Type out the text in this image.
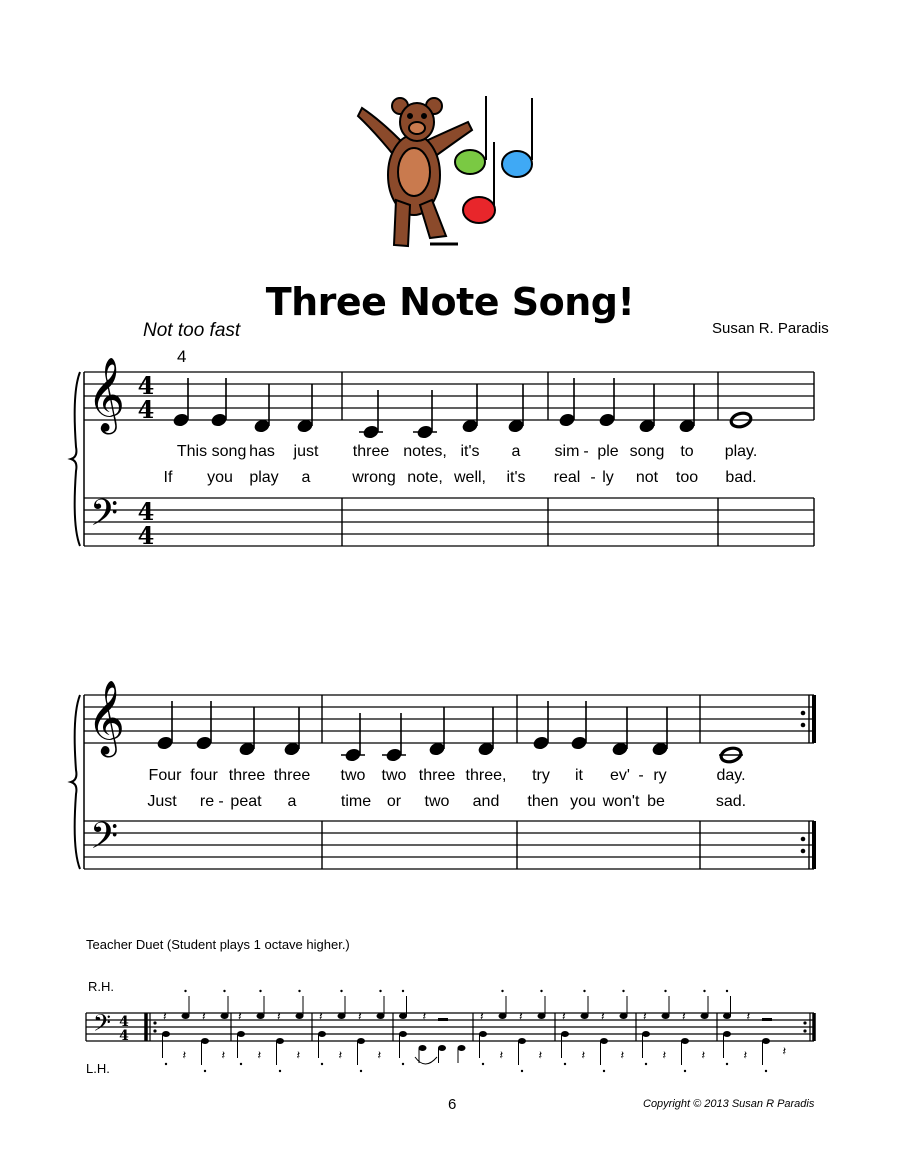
Three Note Song!
Not too fast	Susan R. Paradis
4
𝄞
𝄢
4
4
4
4
𝄞
𝄢
𝄢 4
4
𝄽
𝄽
𝄽
𝄽
𝄽
𝄽
𝄽
𝄽
𝄽
𝄽
𝄽
𝄽
𝄽	𝄽
𝄽
𝄽
𝄽
𝄽
𝄽
𝄽
𝄽
𝄽
𝄽
𝄽
𝄽
𝄽
𝄽	𝄽
This song has just three notes, it's a sim - ple song to play.
If you play a	wrong note, well, it's real - ly not too bad.
Four four three three two two three three, try it ev' - ry	day.
Just re - peat a	time or two and then you won't be	sad.
Teacher Duet (Student plays 1 octave higher.)
R.H.
L.H.
6	Copyright © 2013 Susan R Paradis
